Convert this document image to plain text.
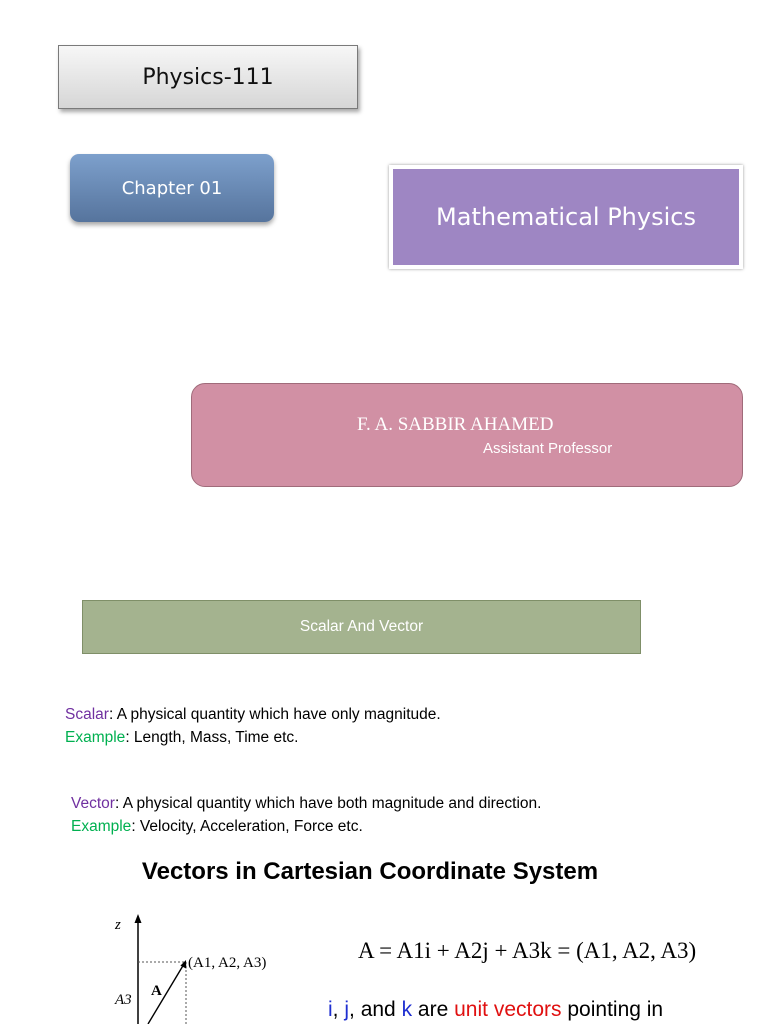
Physics-111
Chapter 01
Mathematical Physics
F. A. SABBIR AHAMED
Assistant Professor
Scalar And Vector
Scalar: A physical quantity which have only magnitude.
Example: Length, Mass, Time etc.
Vector: A physical quantity which have both magnitude and direction.
Example: Velocity, Acceleration, Force etc.
Vectors in Cartesian Coordinate System
z
(A1, A2, A3)
A3
A
A = A1i + A2j + A3k = (A1, A2, A3)
i, j, and k are unit vectors pointing in
